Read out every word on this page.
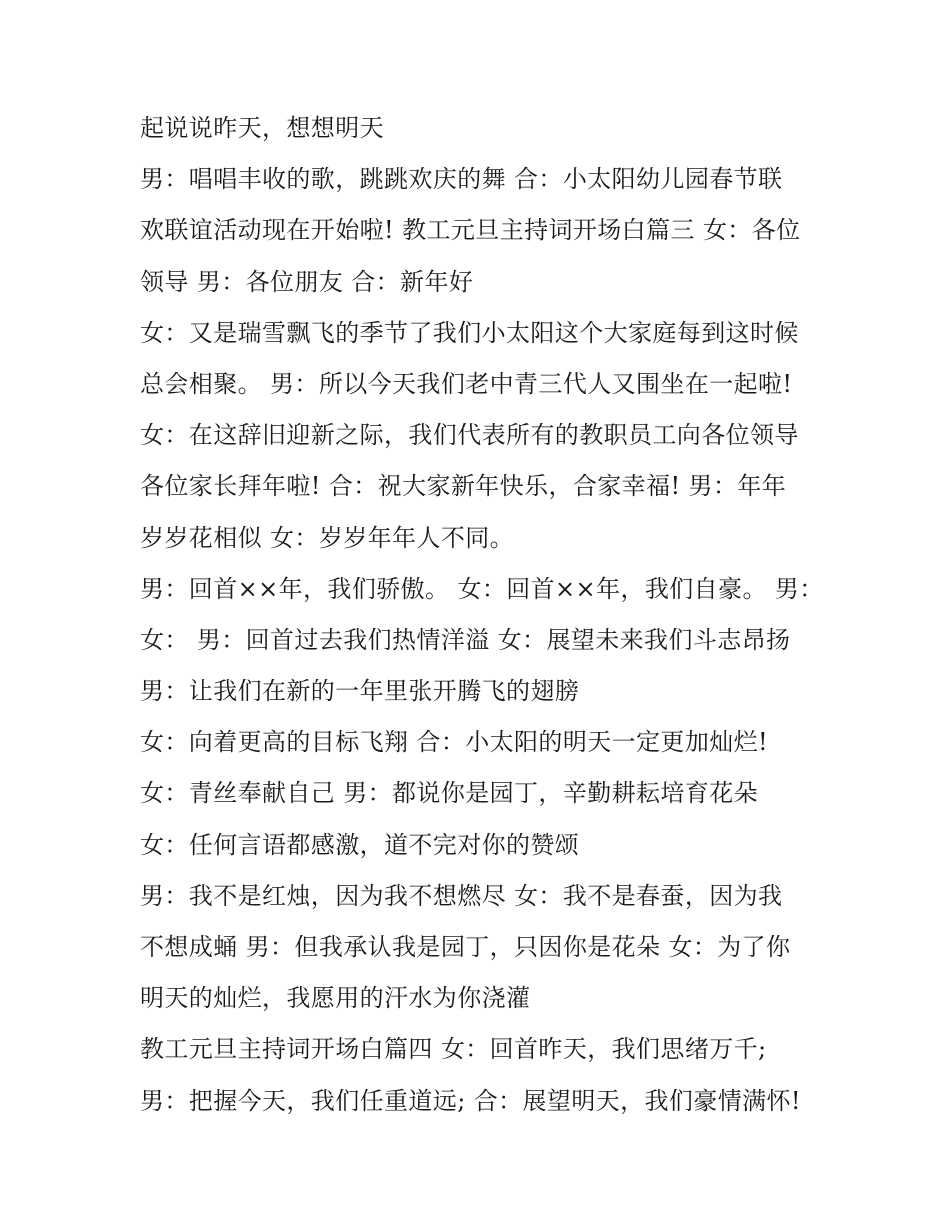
起说说昨天，想想明天
男：唱唱丰收的歌，跳跳欢庆的舞 合：小太阳幼儿园春节联
欢联谊活动现在开始啦! 教工元旦主持词开场白篇三 女：各位
领导 男：各位朋友 合：新年好
女：又是瑞雪飘飞的季节了我们小太阳这个大家庭每到这时候
总会相聚。 男：所以今天我们老中青三代人又围坐在一起啦!
女：在这辞旧迎新之际，我们代表所有的教职员工向各位领导
各位家长拜年啦! 合：祝大家新年快乐，合家幸福! 男：年年
岁岁花相似 女：岁岁年年人不同。
男：回首××年，我们骄傲。 女：回首××年，我们自豪。 男：
女： 男：回首过去我们热情洋溢 女：展望未来我们斗志昂扬
男：让我们在新的一年里张开腾飞的翅膀
女：向着更高的目标飞翔 合：小太阳的明天一定更加灿烂!
女：青丝奉献自己 男：都说你是园丁，辛勤耕耘培育花朵
女：任何言语都感激，道不完对你的赞颂
男：我不是红烛，因为我不想燃尽 女：我不是春蚕，因为我
不想成蛹 男：但我承认我是园丁，只因你是花朵 女：为了你
明天的灿烂，我愿用的汗水为你浇灌
教工元旦主持词开场白篇四 女：回首昨天，我们思绪万千;
男：把握今天，我们任重道远; 合：展望明天，我们豪情满怀!
